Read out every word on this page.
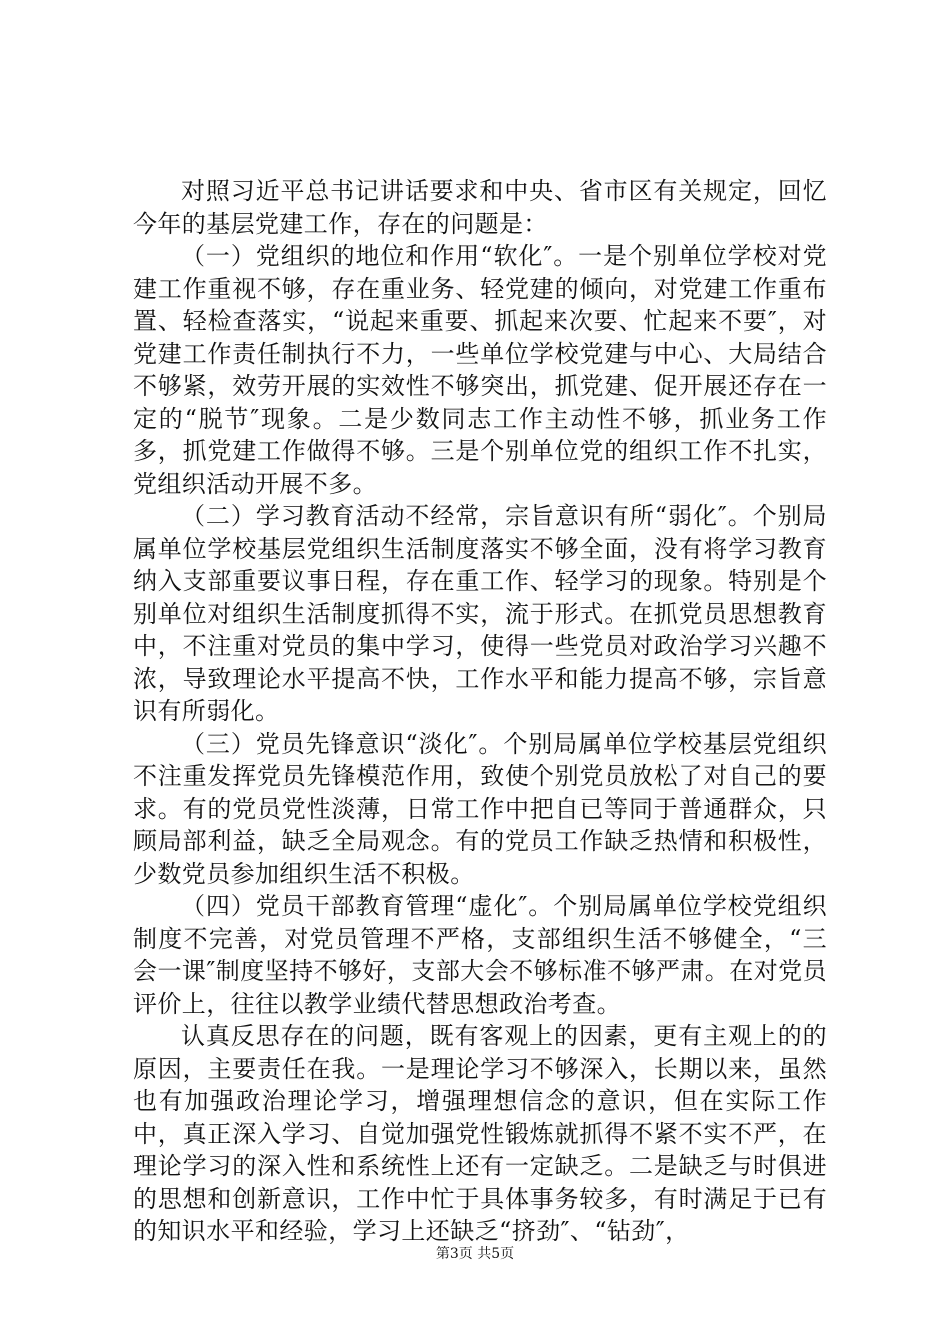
对照习近平总书记讲话要求和中央、省市区有关规定，回忆今年的基层党建工作，存在的问题是：

（一）党组织的地位和作用“软化″。一是个别单位学校对党建工作重视不够，存在重业务、轻党建的倾向，对党建工作重布置、轻检查落实，“说起来重要、抓起来次要、忙起来不要″，对党建工作责任制执行不力，一些单位学校党建与中心、大局结合不够紧，效劳开展的实效性不够突出，抓党建、促开展还存在一定的“脱节″现象。二是少数同志工作主动性不够，抓业务工作多，抓党建工作做得不够。三是个别单位党的组织工作不扎实，党组织活动开展不多。

（二）学习教育活动不经常，宗旨意识有所“弱化″。个别局属单位学校基层党组织生活制度落实不够全面，没有将学习教育纳入支部重要议事日程，存在重工作、轻学习的现象。特别是个别单位对组织生活制度抓得不实，流于形式。在抓党员思想教育中，不注重对党员的集中学习，使得一些党员对政治学习兴趣不浓，导致理论水平提高不快，工作水平和能力提高不够，宗旨意识有所弱化。

（三）党员先锋意识“淡化″。个别局属单位学校基层党组织不注重发挥党员先锋模范作用，致使个别党员放松了对自己的要求。有的党员党性淡薄，日常工作中把自已等同于普通群众，只顾局部利益，缺乏全局观念。有的党员工作缺乏热情和积极性，少数党员参加组织生活不积极。

（四）党员干部教育管理“虚化″。个别局属单位学校党组织制度不完善，对党员管理不严格，支部组织生活不够健全，“三会一课″制度坚持不够好，支部大会不够标准不够严肃。在对党员评价上，往往以教学业绩代替思想政治考查。

认真反思存在的问题，既有客观上的因素，更有主观上的的原因，主要责任在我。一是理论学习不够深入，长期以来，虽然也有加强政治理论学习，增强理想信念的意识，但在实际工作中，真正深入学习、自觉加强党性锻炼就抓得不紧不实不严，在理论学习的深入性和系统性上还有一定缺乏。二是缺乏与时俱进的思想和创新意识，工作中忙于具体事务较多，有时满足于已有的知识水平和经验，学习上还缺乏“挤劲″、“钻劲″，

第3页 共5页
